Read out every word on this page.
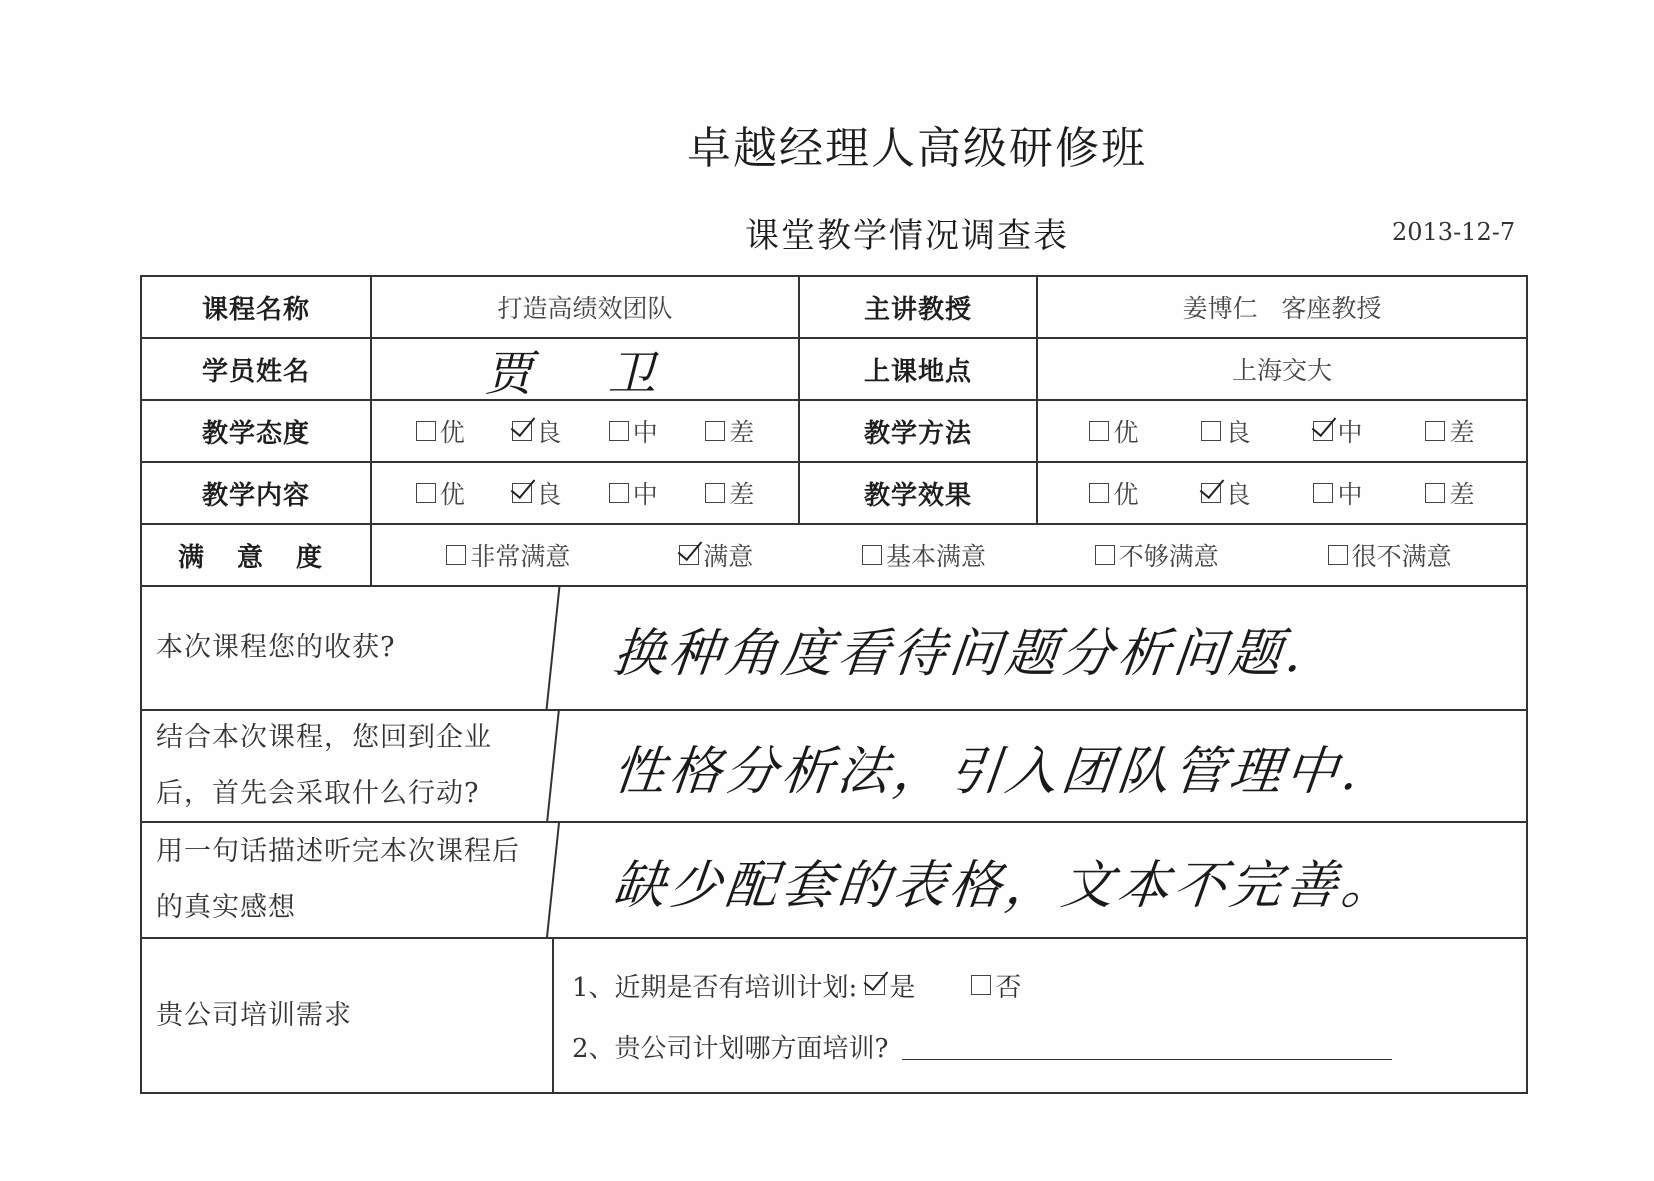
卓越经理人高级研修班
课堂教学情况调查表	2013-12-7
课程名称	打造高绩效团队	主讲教授	姜博仁   客座教授
学员姓名	贾 卫	上课地点	上海交大
教学态度	优	良	中	差	教学方法	优	良	中	差
教学内容	优	良	中	差	教学效果	优	良	中	差
满 意 度	非常满意	满意	基本满意	不够满意	很不满意
本次课程您的收获?	换种角度看待问题分析问题.
结合本次课程，您回到企业后，首先会采取什么行动?	性格分析法，引入团队管理中.
用一句话描述听完本次课程后的真实感想	缺少配套的表格，文本不完善。
贵公司培训需求
1、近期是否有培训计划: 是	否
2、贵公司计划哪方面培训?
